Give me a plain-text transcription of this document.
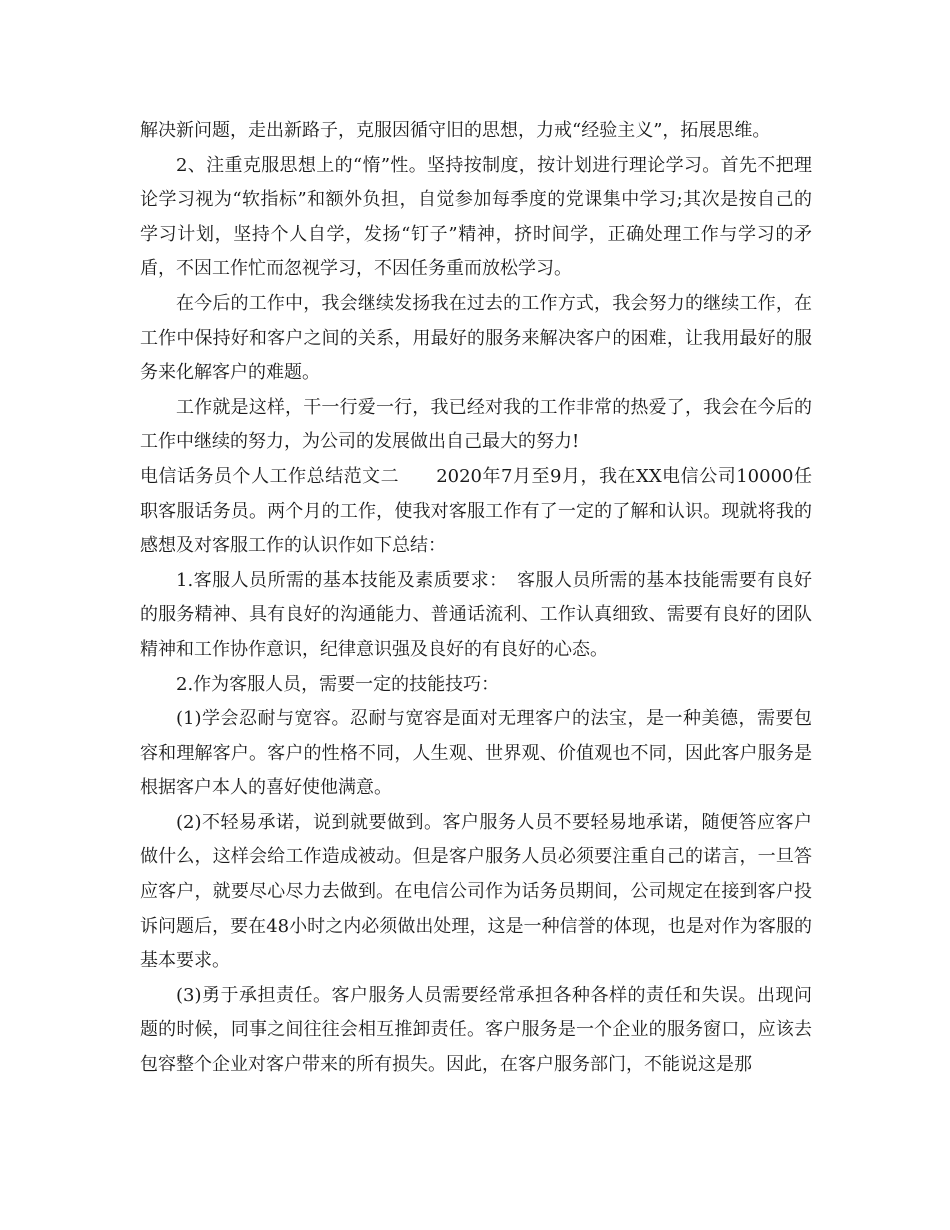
解决新问题，走出新路子，克服因循守旧的思想，力戒“经验主义”，拓展思维。

2、注重克服思想上的“惰”性。坚持按制度，按计划进行理论学习。首先不把理论学习视为“软指标”和额外负担，自觉参加每季度的党课集中学习;其次是按自己的学习计划，坚持个人自学，发扬“钉子”精神，挤时间学，正确处理工作与学习的矛盾，不因工作忙而忽视学习，不因任务重而放松学习。

在今后的工作中，我会继续发扬我在过去的工作方式，我会努力的继续工作，在工作中保持好和客户之间的关系，用最好的服务来解决客户的困难，让我用最好的服务来化解客户的难题。

工作就是这样，干一行爱一行，我已经对我的工作非常的热爱了，我会在今后的工作中继续的努力，为公司的发展做出自己最大的努力!

电信话务员个人工作总结范文二　　2020年7月至9月，我在XX电信公司10000任职客服话务员。两个月的工作，使我对客服工作有了一定的了解和认识。现就将我的感想及对客服工作的认识作如下总结：

1.客服人员所需的基本技能及素质要求：　客服人员所需的基本技能需要有良好的服务精神、具有良好的沟通能力、普通话流利、工作认真细致、需要有良好的团队精神和工作协作意识，纪律意识强及良好的有良好的心态。

2.作为客服人员，需要一定的技能技巧：

(1)学会忍耐与宽容。忍耐与宽容是面对无理客户的法宝，是一种美德，需要包容和理解客户。客户的性格不同，人生观、世界观、价值观也不同，因此客户服务是根据客户本人的喜好使他满意。

(2)不轻易承诺，说到就要做到。客户服务人员不要轻易地承诺，随便答应客户做什么，这样会给工作造成被动。但是客户服务人员必须要注重自己的诺言，一旦答应客户，就要尽心尽力去做到。在电信公司作为话务员期间，公司规定在接到客户投诉问题后，要在48小时之内必须做出处理，这是一种信誉的体现，也是对作为客服的基本要求。

(3)勇于承担责任。客户服务人员需要经常承担各种各样的责任和失误。出现问题的时候，同事之间往往会相互推卸责任。客户服务是一个企业的服务窗口，应该去包容整个企业对客户带来的所有损失。因此，在客户服务部门，不能说这是那
